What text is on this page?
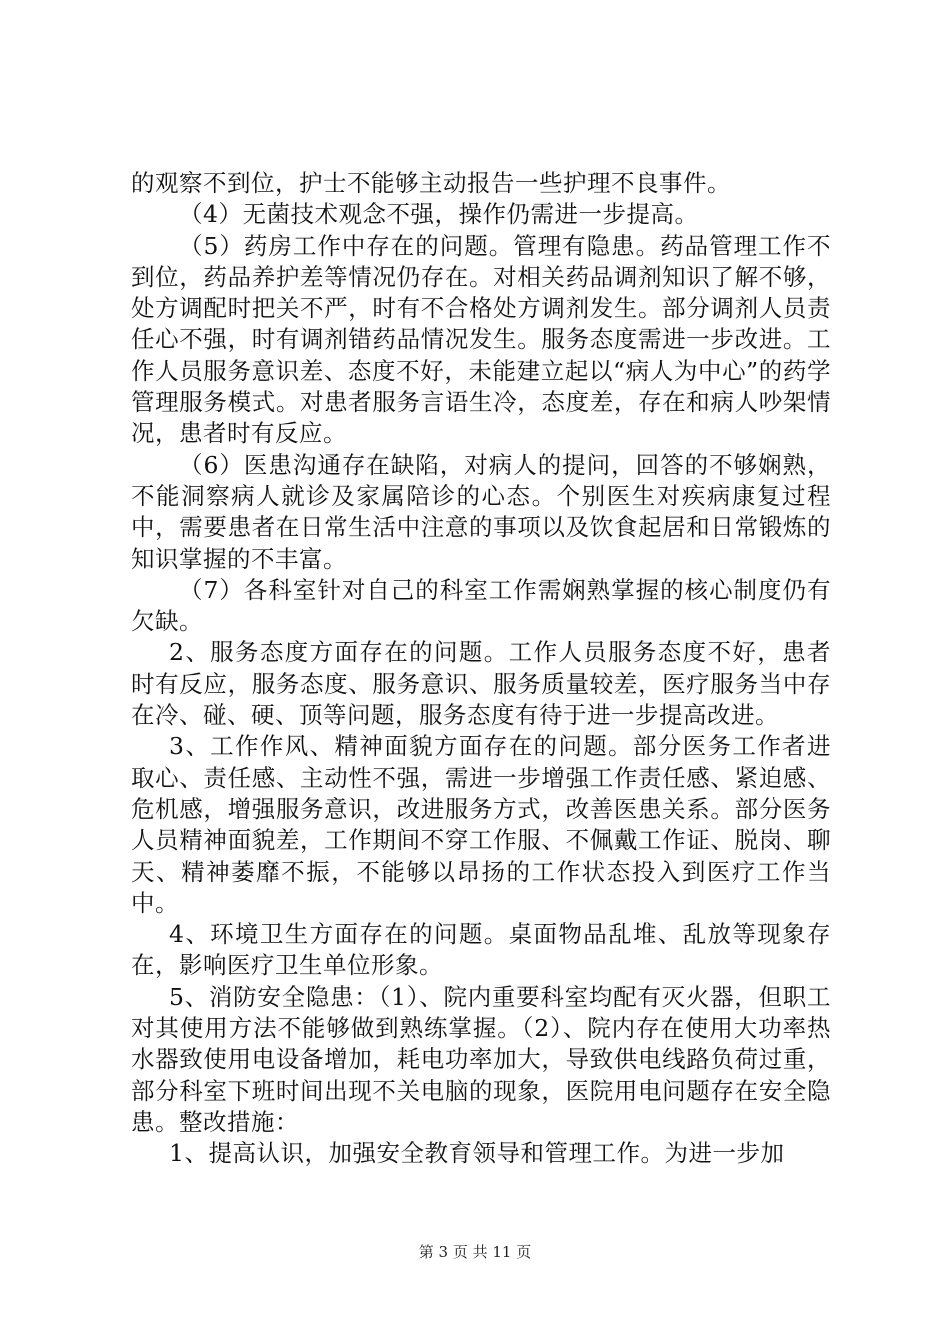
的观察不到位，护士不能够主动报告一些护理不良事件。

（4）无菌技术观念不强，操作仍需进一步提高。

（5）药房工作中存在的问题。管理有隐患。药品管理工作不到位，药品养护差等情况仍存在。对相关药品调剂知识了解不够，处方调配时把关不严，时有不合格处方调剂发生。部分调剂人员责任心不强，时有调剂错药品情况发生。服务态度需进一步改进。工作人员服务意识差、态度不好，未能建立起以“病人为中心”的药学管理服务模式。对患者服务言语生冷，态度差，存在和病人吵架情况，患者时有反应。

（6）医患沟通存在缺陷，对病人的提问，回答的不够娴熟，不能洞察病人就诊及家属陪诊的心态。个别医生对疾病康复过程中，需要患者在日常生活中注意的事项以及饮食起居和日常锻炼的知识掌握的不丰富。

（7）各科室针对自己的科室工作需娴熟掌握的核心制度仍有欠缺。

2、服务态度方面存在的问题。工作人员服务态度不好，患者时有反应，服务态度、服务意识、服务质量较差，医疗服务当中存在冷、碰、硬、顶等问题，服务态度有待于进一步提高改进。

3、工作作风、精神面貌方面存在的问题。部分医务工作者进取心、责任感、主动性不强，需进一步增强工作责任感、紧迫感、危机感，增强服务意识，改进服务方式，改善医患关系。部分医务人员精神面貌差，工作期间不穿工作服、不佩戴工作证、脱岗、聊天、精神萎靡不振，不能够以昂扬的工作状态投入到医疗工作当中。

4、环境卫生方面存在的问题。桌面物品乱堆、乱放等现象存在，影响医疗卫生单位形象。

5、消防安全隐患：（1）、院内重要科室均配有灭火器，但职工对其使用方法不能够做到熟练掌握。（2）、院内存在使用大功率热水器致使用电设备增加，耗电功率加大，导致供电线路负荷过重，部分科室下班时间出现不关电脑的现象，医院用电问题存在安全隐患。整改措施：

1、提高认识，加强安全教育领导和管理工作。为进一步加

第 3 页 共 11 页
